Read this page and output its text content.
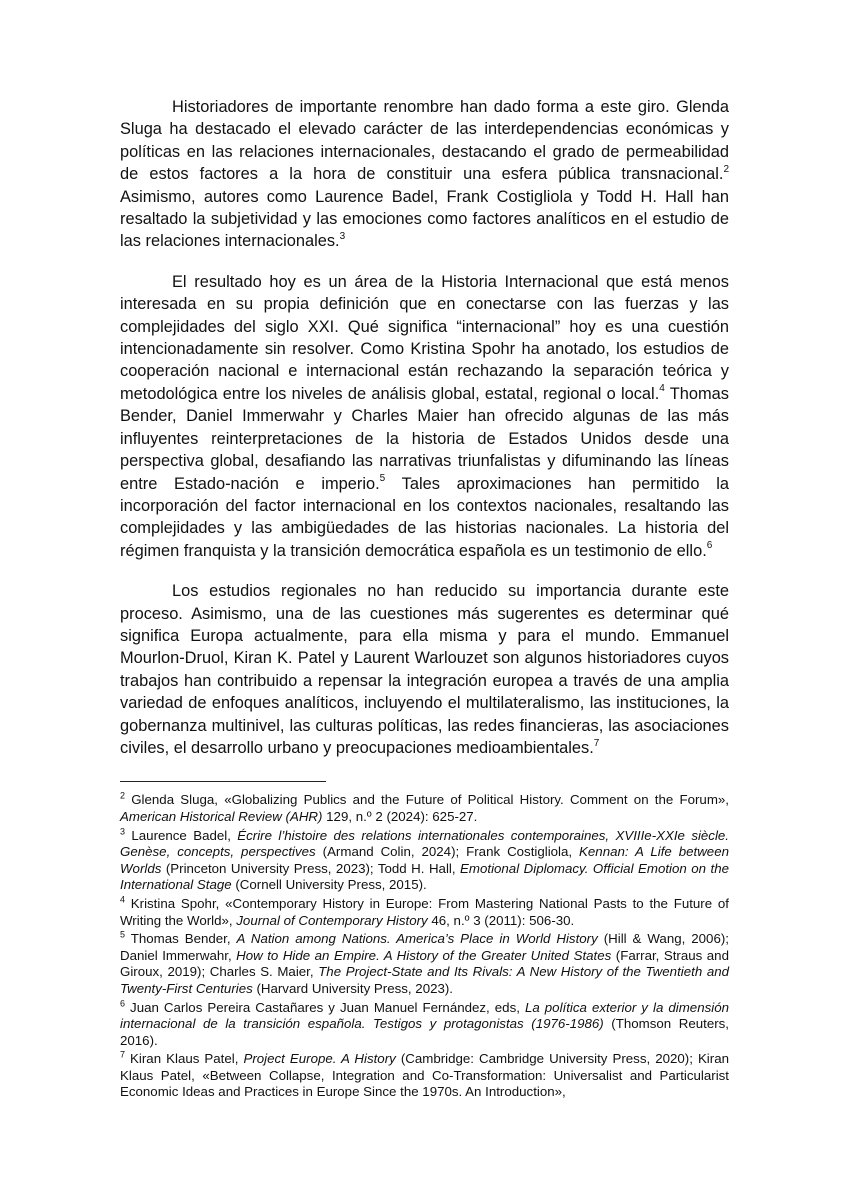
Historiadores de importante renombre han dado forma a este giro. Glenda Sluga ha destacado el elevado carácter de las interdependencias económicas y políticas en las relaciones internacionales, destacando el grado de permeabilidad de estos factores a la hora de constituir una esfera pública transnacional.$^2$ Asimismo, autores como Laurence Badel, Frank Costigliola y Todd H. Hall han resaltado la subjetividad y las emociones como factores analíticos en el estudio de las relaciones internacionales.$^3$
El resultado hoy es un área de la Historia Internacional que está menos interesada en su propia definición que en conectarse con las fuerzas y las complejidades del siglo XXI. Qué significa “internacional” hoy es una cuestión intencionadamente sin resolver. Como Kristina Spohr ha anotado, los estudios de cooperación nacional e internacional están rechazando la separación teórica y metodológica entre los niveles de análisis global, estatal, regional o local.$^4$ Thomas Bender, Daniel Immerwahr y Charles Maier han ofrecido algunas de las más influyentes reinterpretaciones de la historia de Estados Unidos desde una perspectiva global, desafiando las narrativas triunfalistas y difuminando las líneas entre Estado-nación e imperio.$^5$ Tales aproximaciones han permitido la incorporación del factor internacional en los contextos nacionales, resaltando las complejidades y las ambigüedades de las historias nacionales. La historia del régimen franquista y la transición democrática española es un testimonio de ello.$^6$
Los estudios regionales no han reducido su importancia durante este proceso. Asimismo, una de las cuestiones más sugerentes es determinar qué significa Europa actualmente, para ella misma y para el mundo. Emmanuel Mourlon-Druol, Kiran K. Patel y Laurent Warlouzet son algunos historiadores cuyos trabajos han contribuido a repensar la integración europea a través de una amplia variedad de enfoques analíticos, incluyendo el multilateralismo, las instituciones, la gobernanza multinivel, las culturas políticas, las redes financieras, las asociaciones civiles, el desarrollo urbano y preocupaciones medioambientales.$^7$
$^2$ Glenda Sluga, «Globalizing Publics and the Future of Political History. Comment on the Forum», American Historical Review (AHR) 129, n.º 2 (2024): 625-27.
$^3$ Laurence Badel, Écrire l’histoire des relations internationales contemporaines, XVIIIe-XXIe siècle. Genèse, concepts, perspectives (Armand Colin, 2024); Frank Costigliola, Kennan: A Life between Worlds (Princeton University Press, 2023); Todd H. Hall, Emotional Diplomacy. Official Emotion on the International Stage (Cornell University Press, 2015).
$^4$ Kristina Spohr, «Contemporary History in Europe: From Mastering National Pasts to the Future of Writing the World», Journal of Contemporary History 46, n.º 3 (2011): 506-30.
$^5$ Thomas Bender, A Nation among Nations. America’s Place in World History (Hill & Wang, 2006); Daniel Immerwahr, How to Hide an Empire. A History of the Greater United States (Farrar, Straus and Giroux, 2019); Charles S. Maier, The Project-State and Its Rivals: A New History of the Twentieth and Twenty-First Centuries (Harvard University Press, 2023).
$^6$ Juan Carlos Pereira Castañares y Juan Manuel Fernández, eds, La política exterior y la dimensión internacional de la transición española. Testigos y protagonistas (1976-1986) (Thomson Reuters, 2016).
$^7$ Kiran Klaus Patel, Project Europe. A History (Cambridge: Cambridge University Press, 2020); Kiran Klaus Patel, «Between Collapse, Integration and Co-Transformation: Universalist and Particularist Economic Ideas and Practices in Europe Since the 1970s. An Introduction»,
